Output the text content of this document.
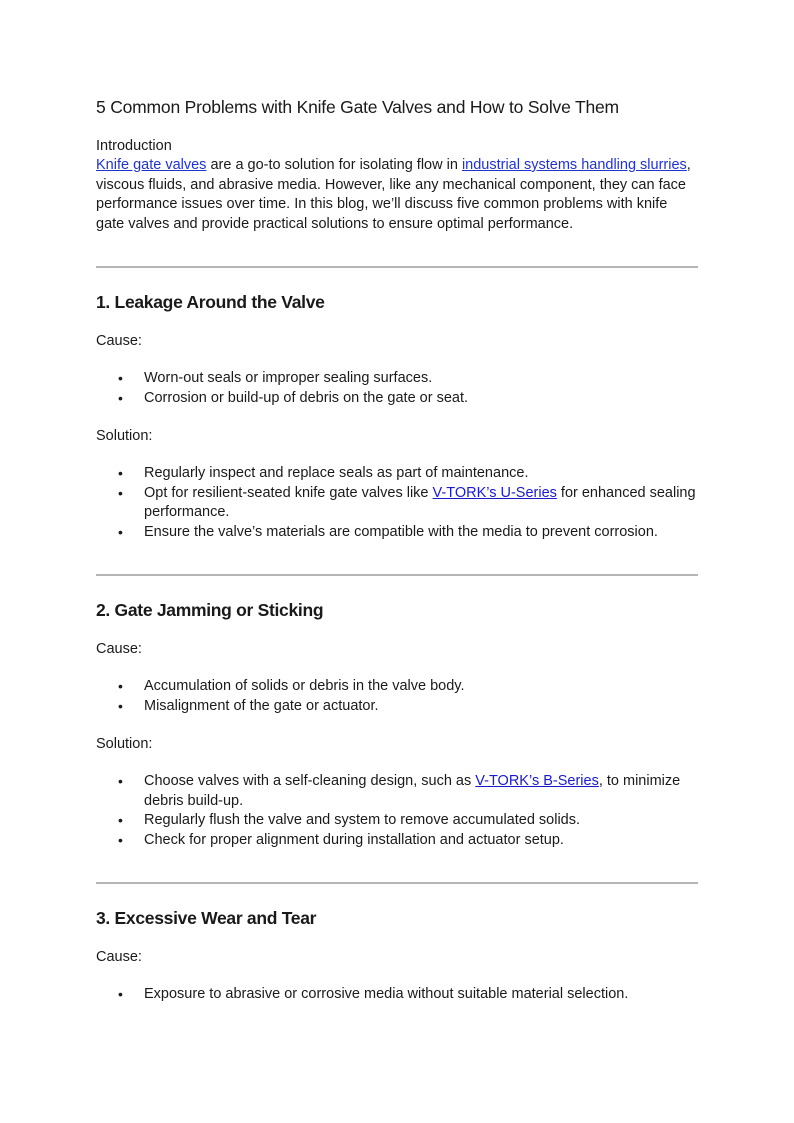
5 Common Problems with Knife Gate Valves and How to Solve Them
Introduction

Knife gate valves are a go-to solution for isolating flow in industrial systems handling slurries, viscous fluids, and abrasive media. However, like any mechanical component, they can face performance issues over time. In this blog, we’ll discuss five common problems with knife gate valves and provide practical solutions to ensure optimal performance.

1. Leakage Around the Valve

Cause:

• Worn-out seals or improper sealing surfaces.
• Corrosion or build-up of debris on the gate or seat.

Solution:

• Regularly inspect and replace seals as part of maintenance.
• Opt for resilient-seated knife gate valves like V-TORK’s U-Series for enhanced sealing performance.
• Ensure the valve’s materials are compatible with the media to prevent corrosion.
2. Gate Jamming or Sticking

Cause:

• Accumulation of solids or debris in the valve body.
• Misalignment of the gate or actuator.

Solution:

• Choose valves with a self-cleaning design, such as V-TORK’s B-Series, to minimize debris build-up.
• Regularly flush the valve and system to remove accumulated solids.
• Check for proper alignment during installation and actuator setup.
3. Excessive Wear and Tear

Cause:

• Exposure to abrasive or corrosive media without suitable material selection.
